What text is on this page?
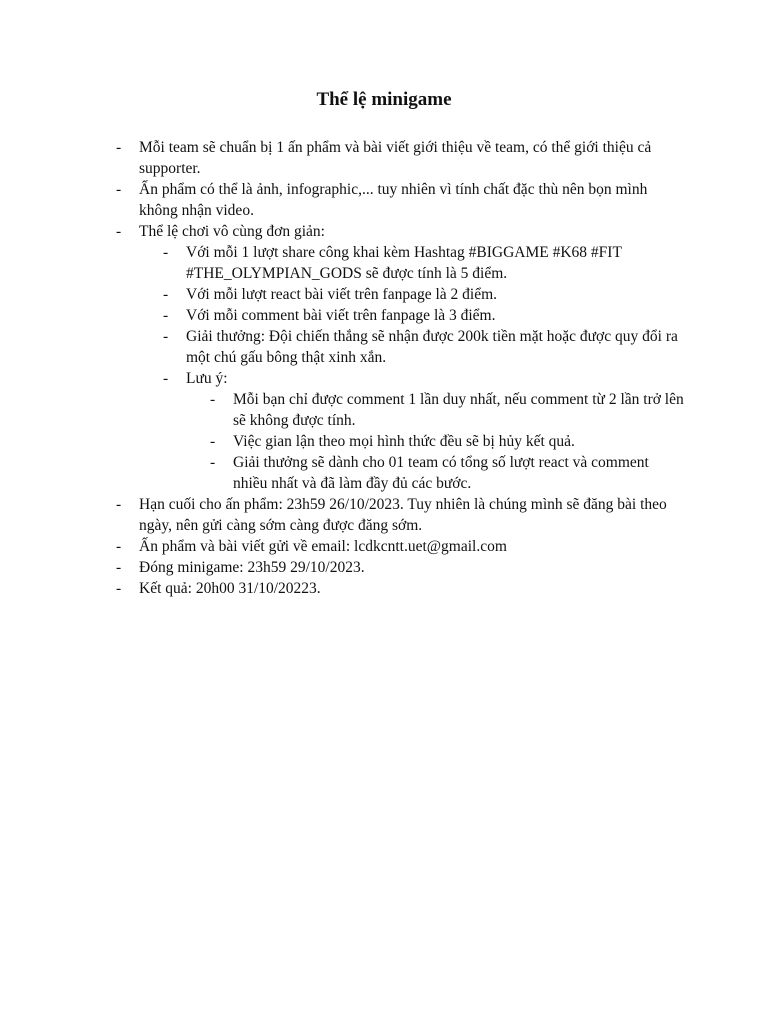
Thể lệ minigame
- Mỗi team sẽ chuẩn bị 1 ấn phẩm và bài viết giới thiệu về team, có thể giới thiệu cả supporter.
- Ấn phẩm có thể là ảnh, infographic,... tuy nhiên vì tính chất đặc thù nên bọn mình không nhận video.
- Thể lệ chơi vô cùng đơn giản:
- Với mỗi 1 lượt share công khai kèm Hashtag #BIGGAME #K68 #FIT #THE_OLYMPIAN_GODS sẽ được tính là 5 điểm.
- Với mỗi lượt react bài viết trên fanpage là 2 điểm.
- Với mỗi comment bài viết trên fanpage là 3 điểm.
- Giải thưởng: Đội chiến thắng sẽ nhận được 200k tiền mặt hoặc được quy đổi ra một chú gấu bông thật xinh xắn.
- Lưu ý:
- Mỗi bạn chỉ được comment 1 lần duy nhất, nếu comment từ 2 lần trở lên sẽ không được tính.
- Việc gian lận theo mọi hình thức đều sẽ bị hủy kết quả.
- Giải thưởng sẽ dành cho 01 team có tổng số lượt react và comment nhiều nhất và đã làm đầy đủ các bước.
- Hạn cuối cho ấn phẩm: 23h59 26/10/2023. Tuy nhiên là chúng mình sẽ đăng bài theo ngày, nên gửi càng sớm càng được đăng sớm.
- Ấn phẩm và bài viết gửi về email: lcdkcntt.uet@gmail.com
- Đóng minigame: 23h59 29/10/2023.
- Kết quả: 20h00 31/10/20223.
